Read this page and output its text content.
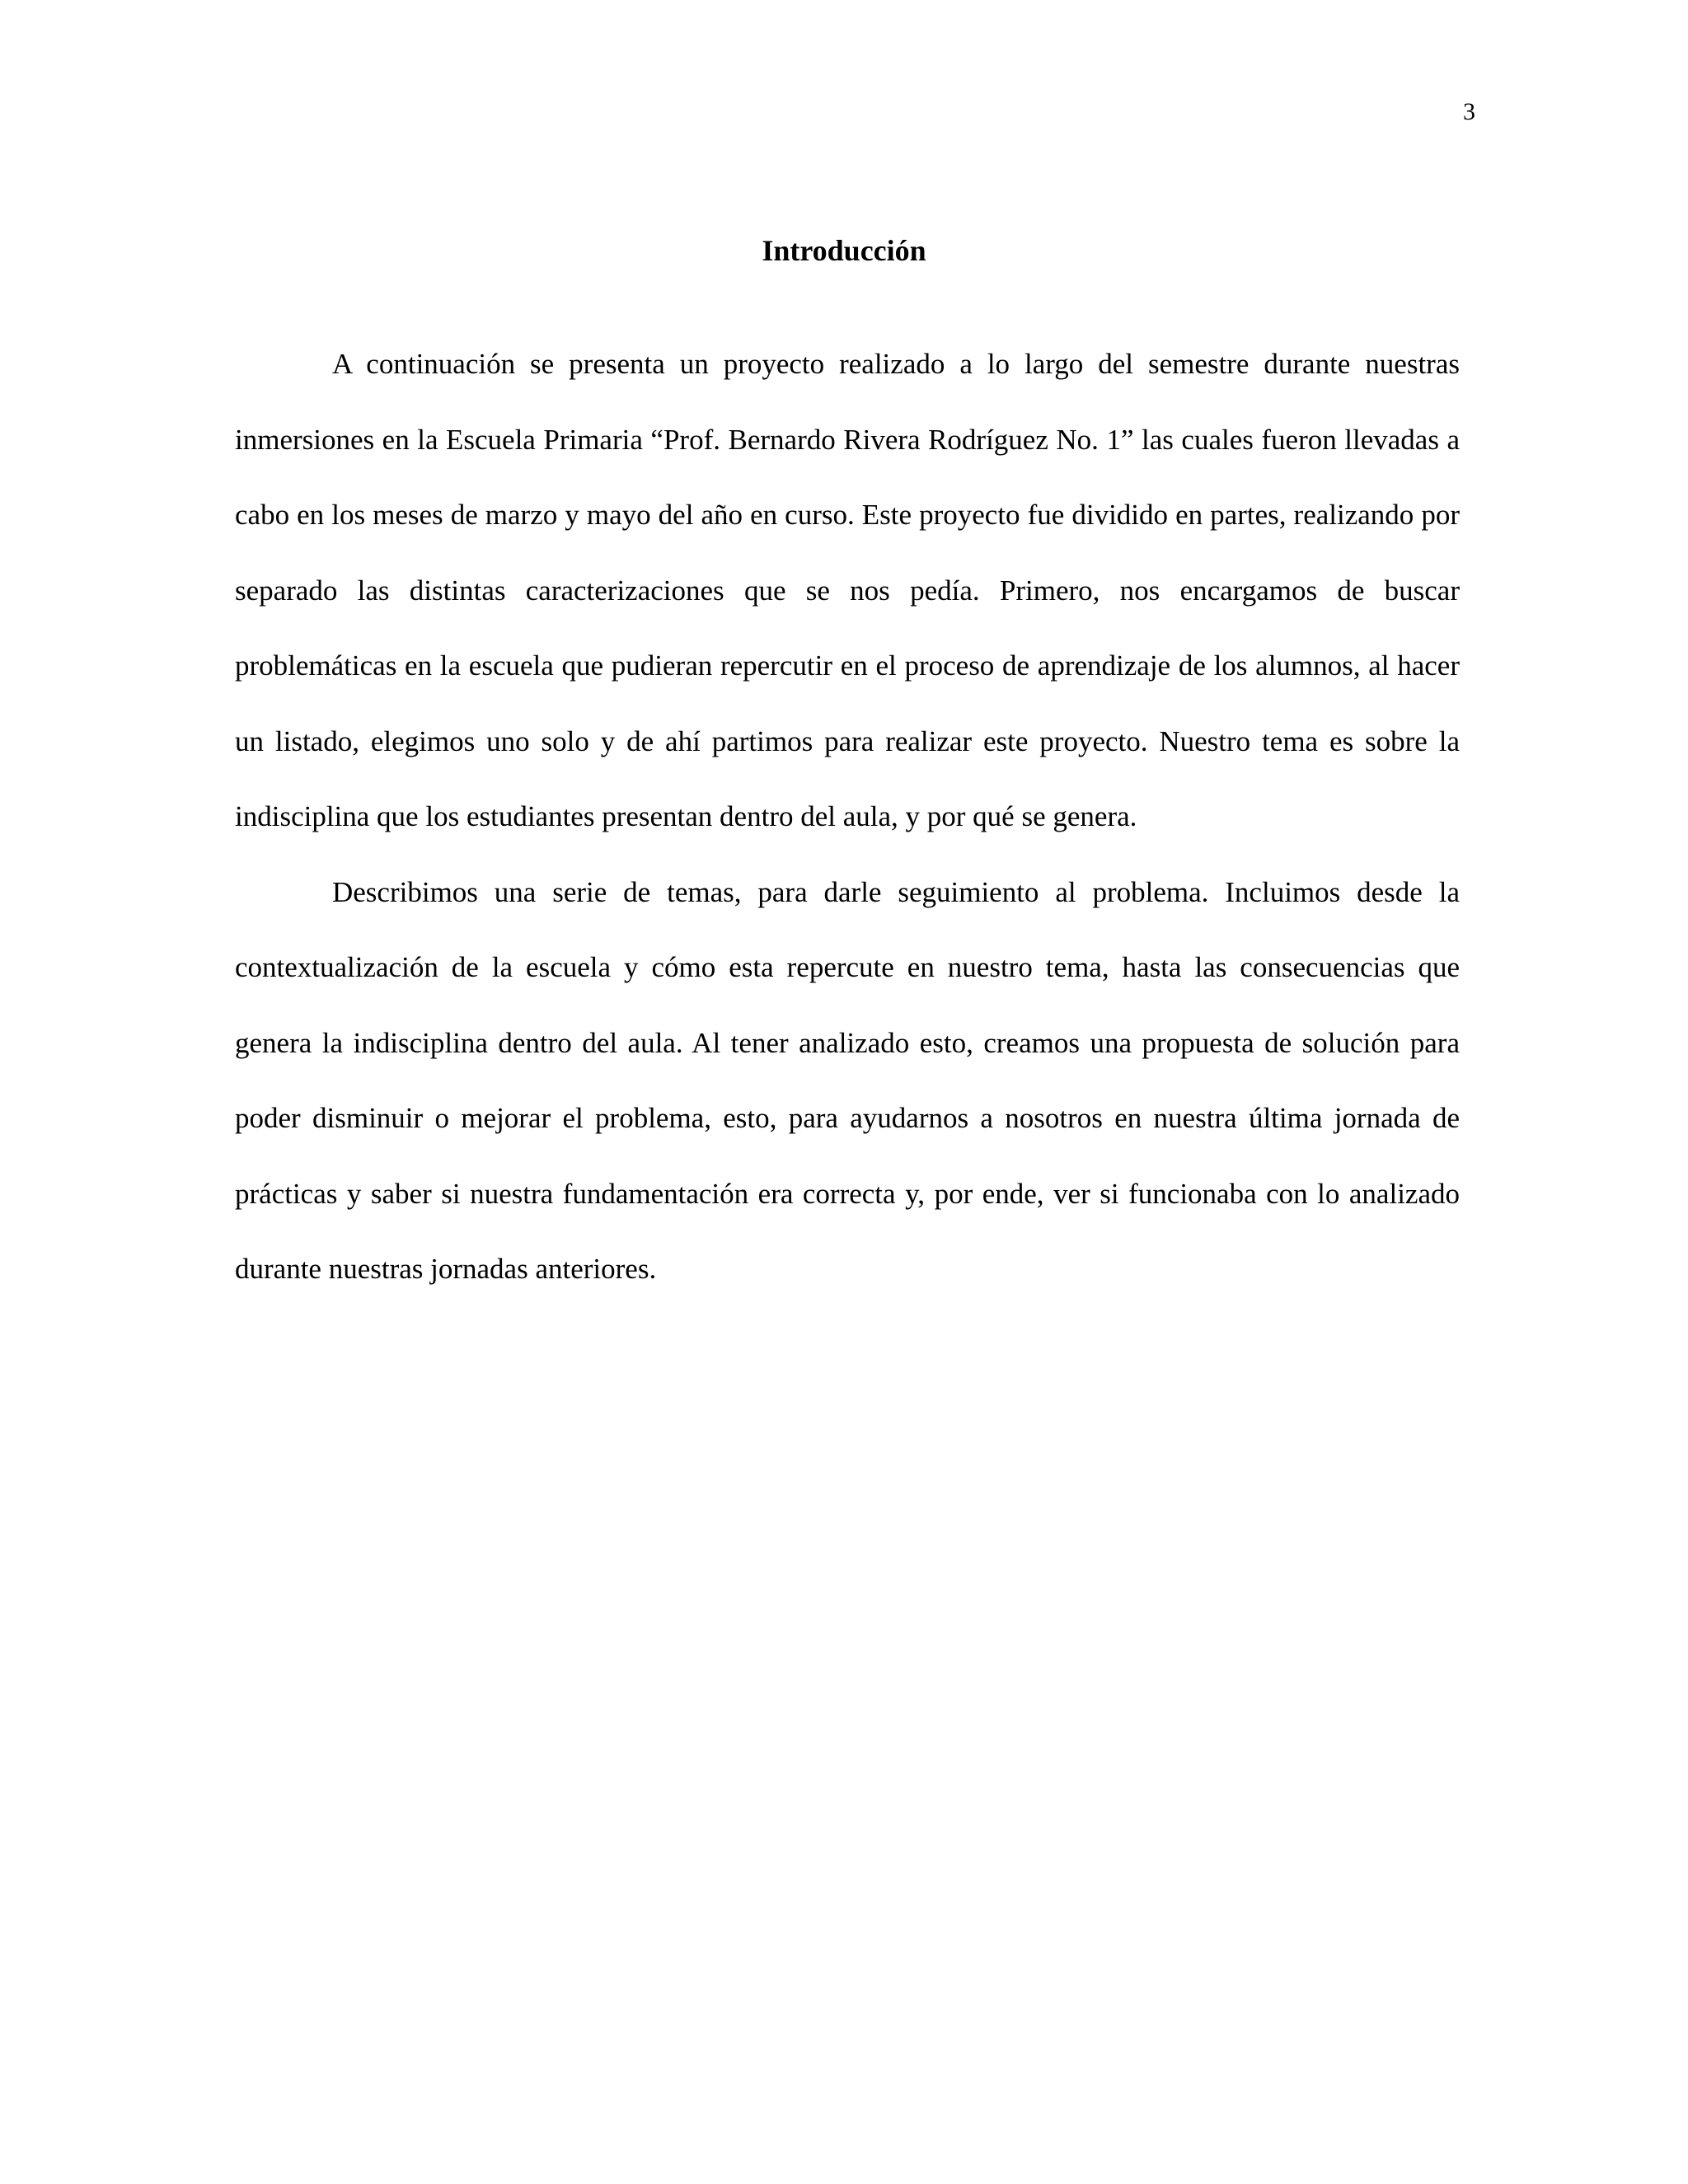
3

Introducción

A continuación se presenta un proyecto realizado a lo largo del semestre durante nuestras inmersiones en la Escuela Primaria “Prof. Bernardo Rivera Rodríguez No. 1” las cuales fueron llevadas a cabo en los meses de marzo y mayo del año en curso. Este proyecto fue dividido en partes, realizando por separado las distintas caracterizaciones que se nos pedía. Primero, nos encargamos de buscar problemáticas en la escuela que pudieran repercutir en el proceso de aprendizaje de los alumnos, al hacer un listado, elegimos uno solo y de ahí partimos para realizar este proyecto. Nuestro tema es sobre la indisciplina que los estudiantes presentan dentro del aula, y por qué se genera.

Describimos una serie de temas, para darle seguimiento al problema. Incluimos desde la contextualización de la escuela y cómo esta repercute en nuestro tema, hasta las consecuencias que genera la indisciplina dentro del aula. Al tener analizado esto, creamos una propuesta de solución para poder disminuir o mejorar el problema, esto, para ayudarnos a nosotros en nuestra última jornada de prácticas y saber si nuestra fundamentación era correcta y, por ende, ver si funcionaba con lo analizado durante nuestras jornadas anteriores.
